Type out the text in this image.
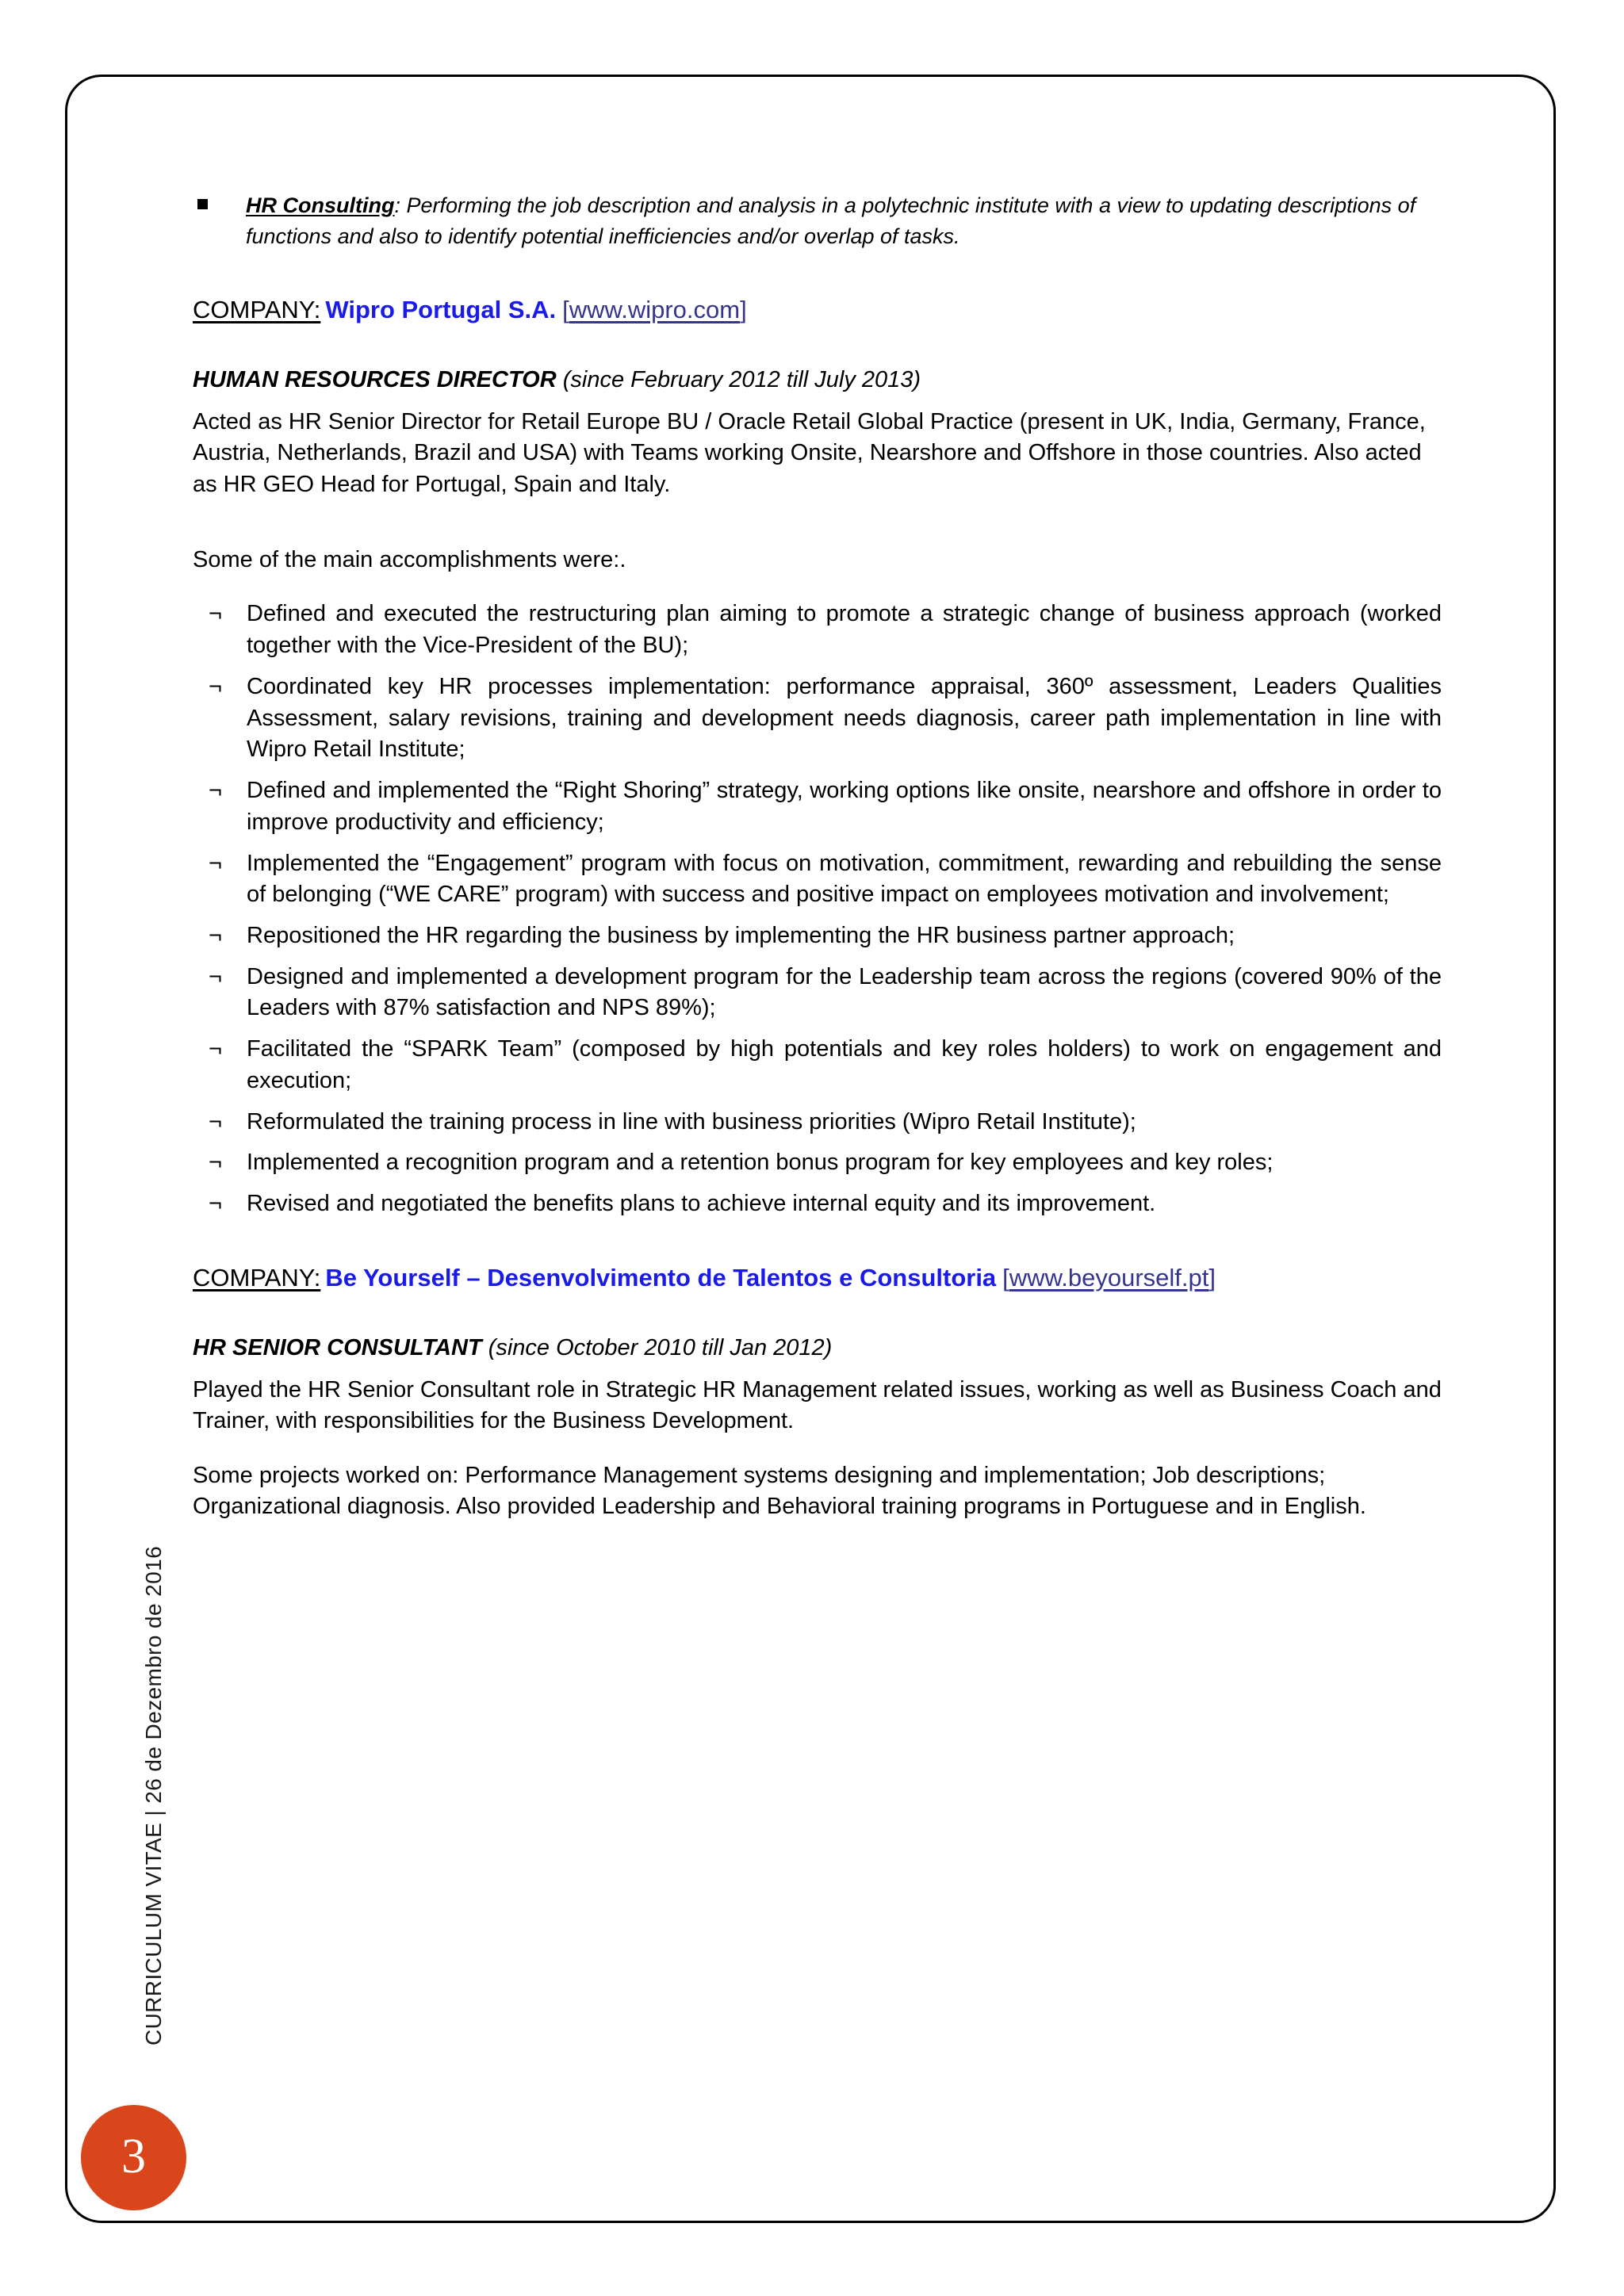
CURRICULUM VITAE | 26 de Dezembro de 2016
3
HR Consulting: Performing the job description and analysis in a polytechnic institute with a view to updating descriptions of functions and also to identify potential inefficiencies and/or overlap of tasks.
COMPANY: Wipro Portugal S.A. [www.wipro.com]
HUMAN RESOURCES DIRECTOR (since February 2012 till July 2013)

Acted as HR Senior Director for Retail Europe BU / Oracle Retail Global Practice (present in UK, India, Germany, France, Austria, Netherlands, Brazil and USA) with Teams working Onsite, Nearshore and Offshore in those countries. Also acted as HR GEO Head for Portugal, Spain and Italy.

Some of the main accomplishments were:.

¬ Defined and executed the restructuring plan aiming to promote a strategic change of business approach (worked together with the Vice-President of the BU);
¬ Coordinated key HR processes implementation: performance appraisal, 360º assessment, Leaders Qualities Assessment, salary revisions, training and development needs diagnosis, career path implementation in line with Wipro Retail Institute;
¬ Defined and implemented the “Right Shoring” strategy, working options like onsite, nearshore and offshore in order to improve productivity and efficiency;
¬ Implemented the “Engagement” program with focus on motivation, commitment, rewarding and rebuilding the sense of belonging (“WE CARE” program) with success and positive impact on employees motivation and involvement;
¬ Repositioned the HR regarding the business by implementing the HR business partner approach;
¬ Designed and implemented a development program for the Leadership team across the regions (covered 90% of the Leaders with 87% satisfaction and NPS 89%);
¬ Facilitated the “SPARK Team” (composed by high potentials and key roles holders) to work on engagement and execution;
¬ Reformulated the training process in line with business priorities (Wipro Retail Institute);
¬ Implemented a recognition program and a retention bonus program for key employees and key roles;
¬ Revised and negotiated the benefits plans to achieve internal equity and its improvement.
COMPANY: Be Yourself – Desenvolvimento de Talentos e Consultoria [www.beyourself.pt]
HR SENIOR CONSULTANT (since October 2010 till Jan 2012)

Played the HR Senior Consultant role in Strategic HR Management related issues, working as well as Business Coach and Trainer, with responsibilities for the Business Development.

Some projects worked on: Performance Management systems designing and implementation; Job descriptions; Organizational diagnosis. Also provided Leadership and Behavioral training programs in Portuguese and in English.
